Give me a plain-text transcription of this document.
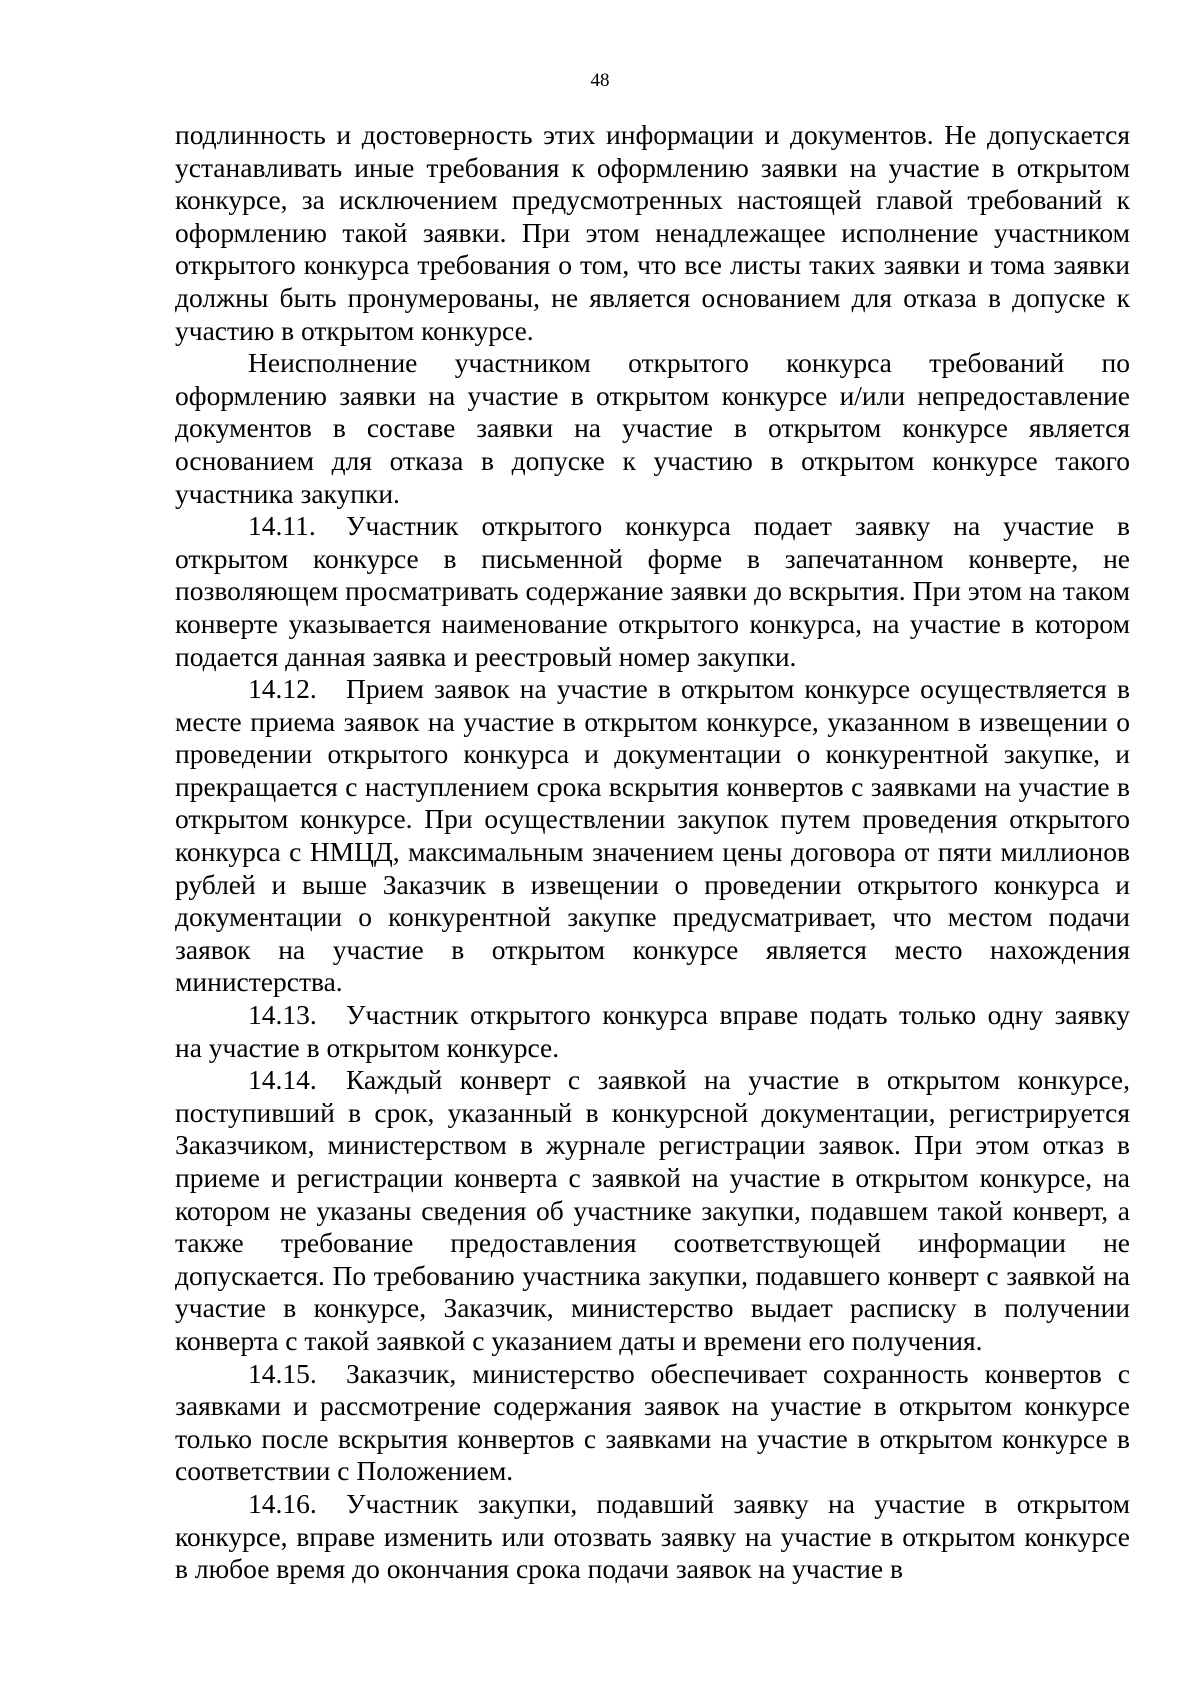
48

подлинность и достоверность этих информации и документов. Не допускается устанавливать иные требования к оформлению заявки на участие в открытом конкурсе, за исключением предусмотренных настоящей главой требований к оформлению такой заявки. При этом ненадлежащее исполнение участником открытого конкурса требования о том, что все листы таких заявки и тома заявки должны быть пронумерованы, не является основанием для отказа в допуске к участию в открытом конкурсе.

Неисполнение участником открытого конкурса требований по оформлению заявки на участие в открытом конкурсе и/или непредоставление документов в составе заявки на участие в открытом конкурсе является основанием для отказа в допуске к участию в открытом конкурсе такого участника закупки.

14.11. Участник открытого конкурса подает заявку на участие в открытом конкурсе в письменной форме в запечатанном конверте, не позволяющем просматривать содержание заявки до вскрытия. При этом на таком конверте указывается наименование открытого конкурса, на участие в котором подается данная заявка и реестровый номер закупки.

14.12. Прием заявок на участие в открытом конкурсе осуществляется в месте приема заявок на участие в открытом конкурсе, указанном в извещении о проведении открытого конкурса и документации о конкурентной закупке, и прекращается с наступлением срока вскрытия конвертов с заявками на участие в открытом конкурсе. При осуществлении закупок путем проведения открытого конкурса с НМЦД, максимальным значением цены договора от пяти миллионов рублей и выше Заказчик в извещении о проведении открытого конкурса и документации о конкурентной закупке предусматривает, что местом подачи заявок на участие в открытом конкурсе является место нахождения министерства.

14.13. Участник открытого конкурса вправе подать только одну заявку на участие в открытом конкурсе.

14.14. Каждый конверт с заявкой на участие в открытом конкурсе, поступивший в срок, указанный в конкурсной документации, регистрируется Заказчиком, министерством в журнале регистрации заявок. При этом отказ в приеме и регистрации конверта с заявкой на участие в открытом конкурсе, на котором не указаны сведения об участнике закупки, подавшем такой конверт, а также требование предоставления соответствующей информации не допускается. По требованию участника закупки, подавшего конверт с заявкой на участие в конкурсе, Заказчик, министерство выдает расписку в получении конверта с такой заявкой с указанием даты и времени его получения.

14.15. Заказчик, министерство обеспечивает сохранность конвертов с заявками и рассмотрение содержания заявок на участие в открытом конкурсе только после вскрытия конвертов с заявками на участие в открытом конкурсе в соответствии с Положением.

14.16. Участник закупки, подавший заявку на участие в открытом конкурсе, вправе изменить или отозвать заявку на участие в открытом конкурсе в любое время до окончания срока подачи заявок на участие в
